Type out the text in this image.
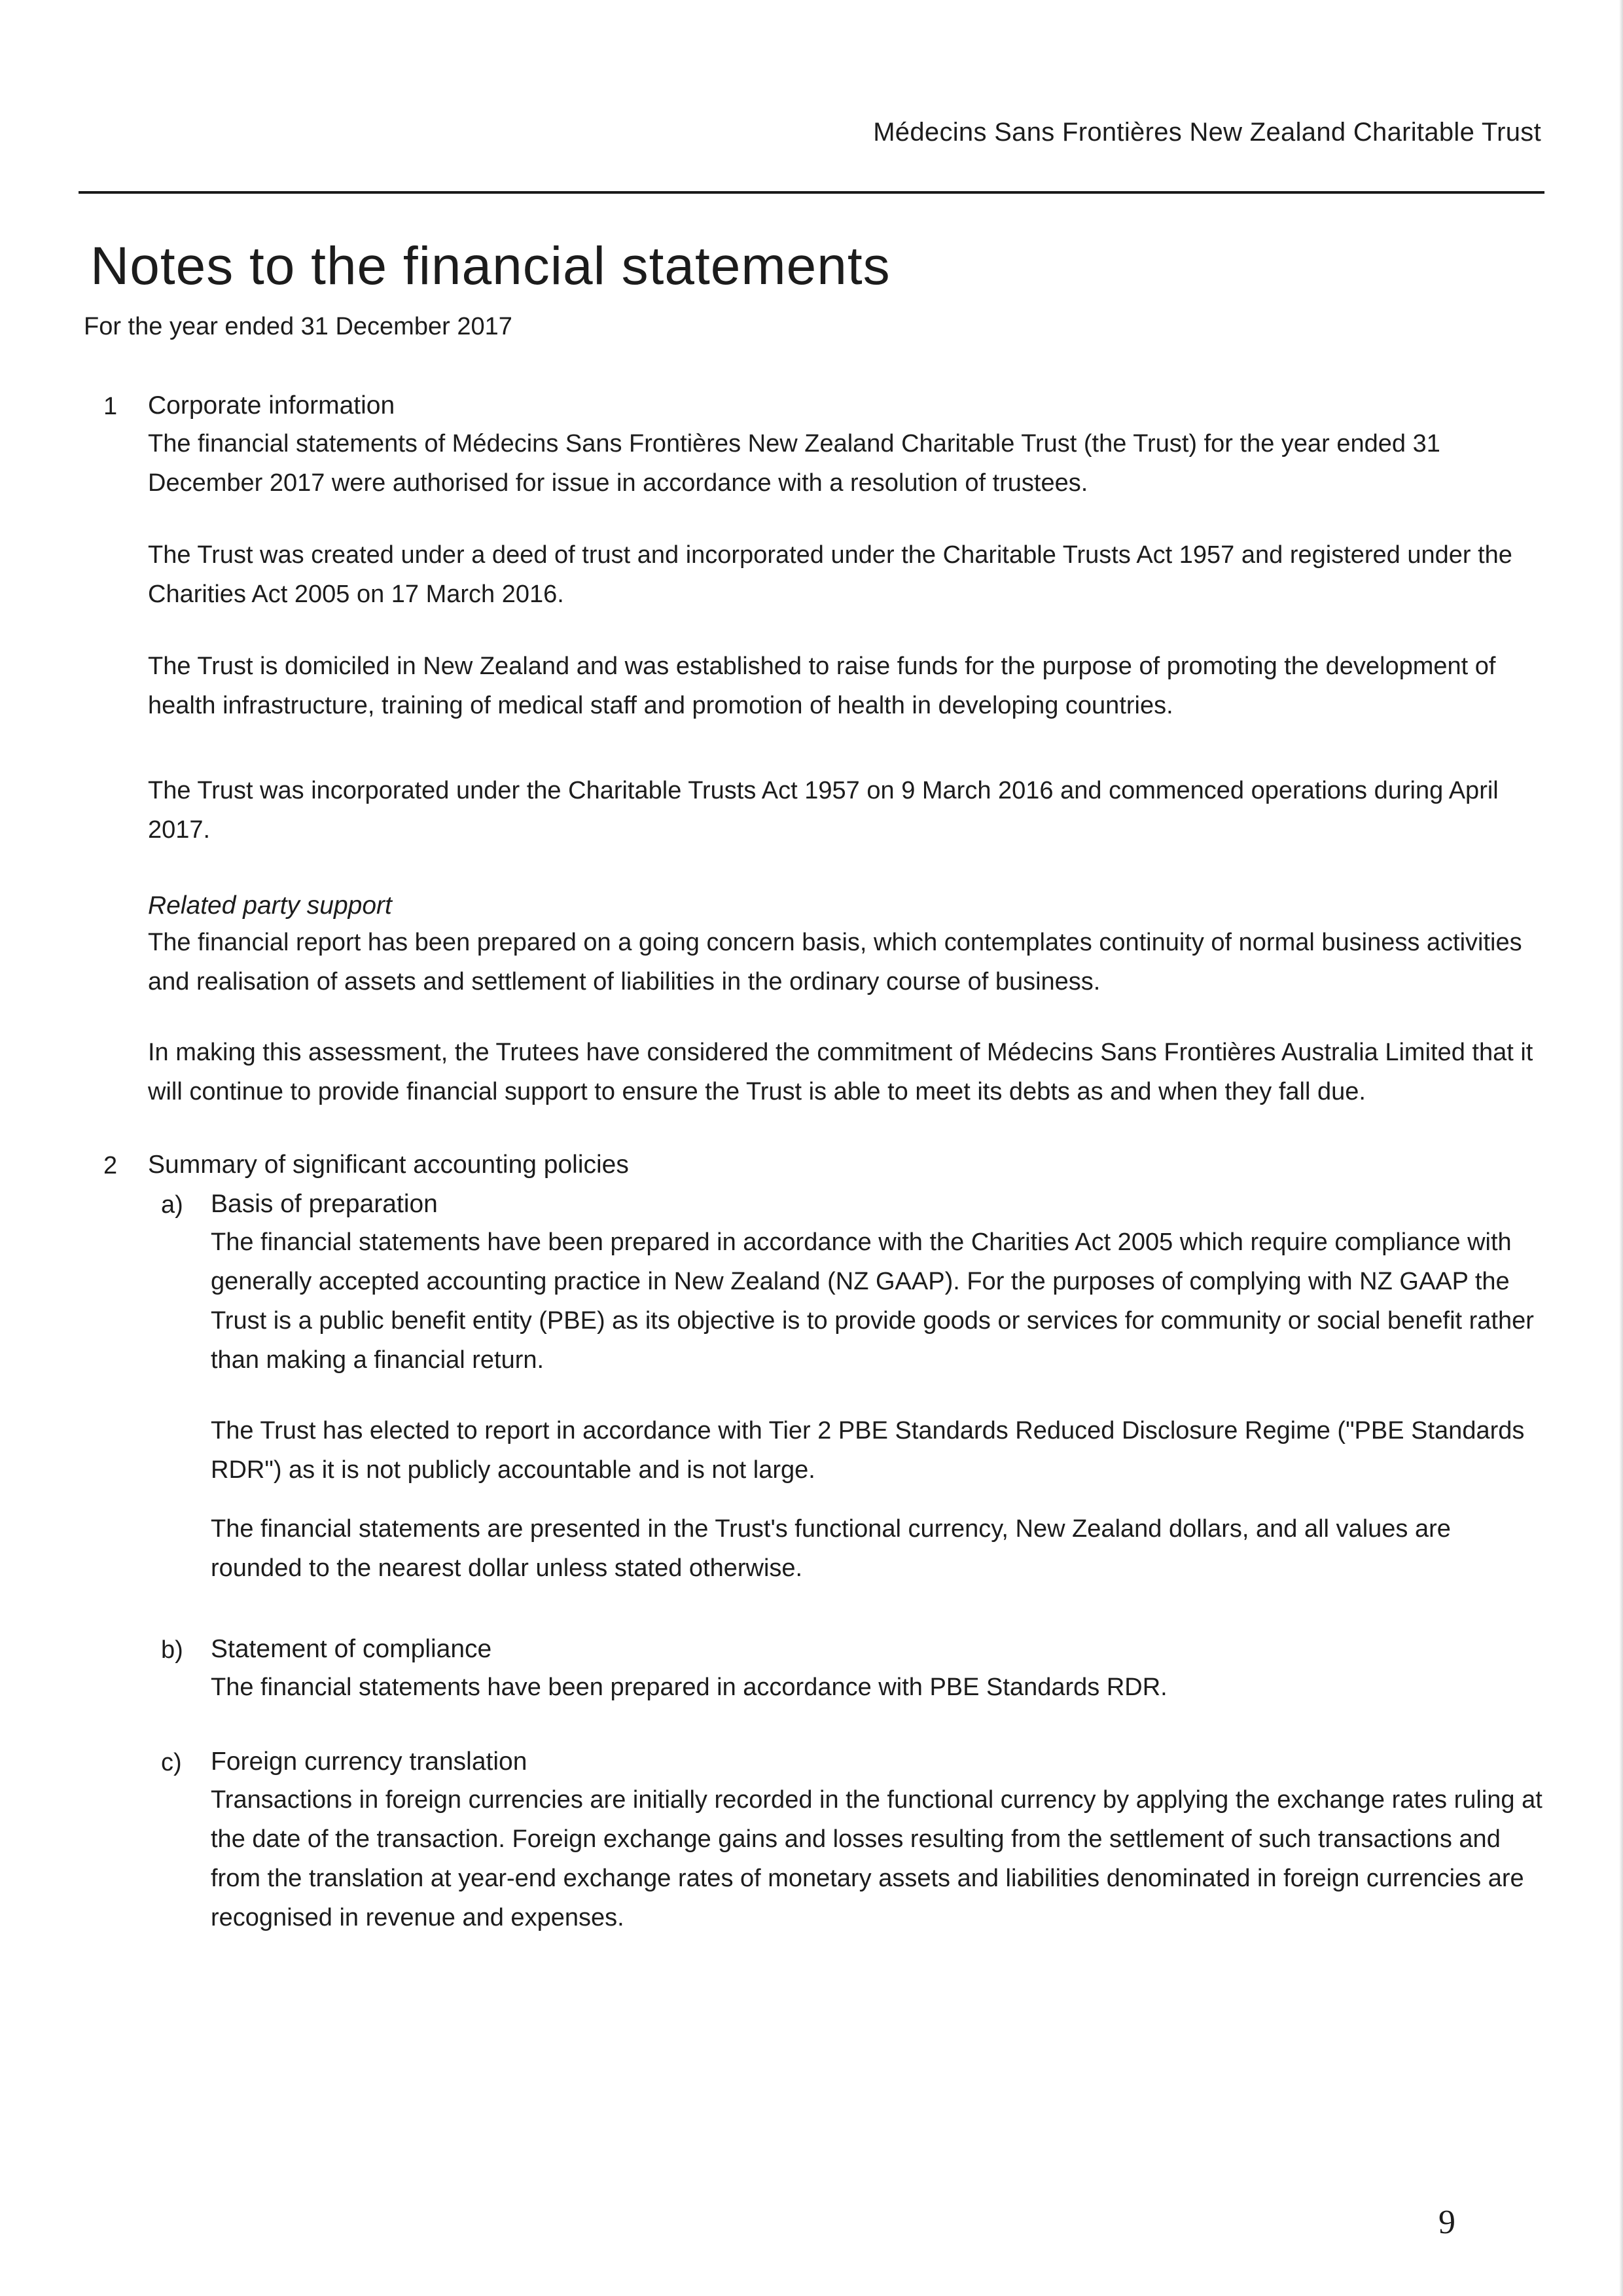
Médecins Sans Frontières New Zealand Charitable Trust
Notes to the financial statements
For the year ended 31 December 2017
1 Corporate information

The financial statements of Médecins Sans Frontières New Zealand Charitable Trust (the Trust) for the year ended 31 December 2017 were authorised for issue in accordance with a resolution of trustees.

The Trust was created under a deed of trust and incorporated under the Charitable Trusts Act 1957 and registered under the Charities Act 2005 on 17 March 2016.

The Trust is domiciled in New Zealand and was established to raise funds for the purpose of promoting the development of health infrastructure, training of medical staff and promotion of health in developing countries.

The Trust was incorporated under the Charitable Trusts Act 1957 on 9 March 2016 and commenced operations during April 2017.

Related party support

The financial report has been prepared on a going concern basis, which contemplates continuity of normal business activities and realisation of assets and settlement of liabilities in the ordinary course of business.

In making this assessment, the Trutees have considered the commitment of Médecins Sans Frontières Australia Limited that it will continue to provide financial support to ensure the Trust is able to meet its debts as and when they fall due.

2 Summary of significant accounting policies
a) Basis of preparation

The financial statements have been prepared in accordance with the Charities Act 2005 which require compliance with generally accepted accounting practice in New Zealand (NZ GAAP). For the purposes of complying with NZ GAAP the Trust is a public benefit entity (PBE) as its objective is to provide goods or services for community or social benefit rather than making a financial return.

The Trust has elected to report in accordance with Tier 2 PBE Standards Reduced Disclosure Regime ("PBE Standards RDR") as it is not publicly accountable and is not large.

The financial statements are presented in the Trust's functional currency, New Zealand dollars, and all values are rounded to the nearest dollar unless stated otherwise.

b) Statement of compliance

The financial statements have been prepared in accordance with PBE Standards RDR.

c) Foreign currency translation

Transactions in foreign currencies are initially recorded in the functional currency by applying the exchange rates ruling at the date of the transaction. Foreign exchange gains and losses resulting from the settlement of such transactions and from the translation at year-end exchange rates of monetary assets and liabilities denominated in foreign currencies are recognised in revenue and expenses.

9
